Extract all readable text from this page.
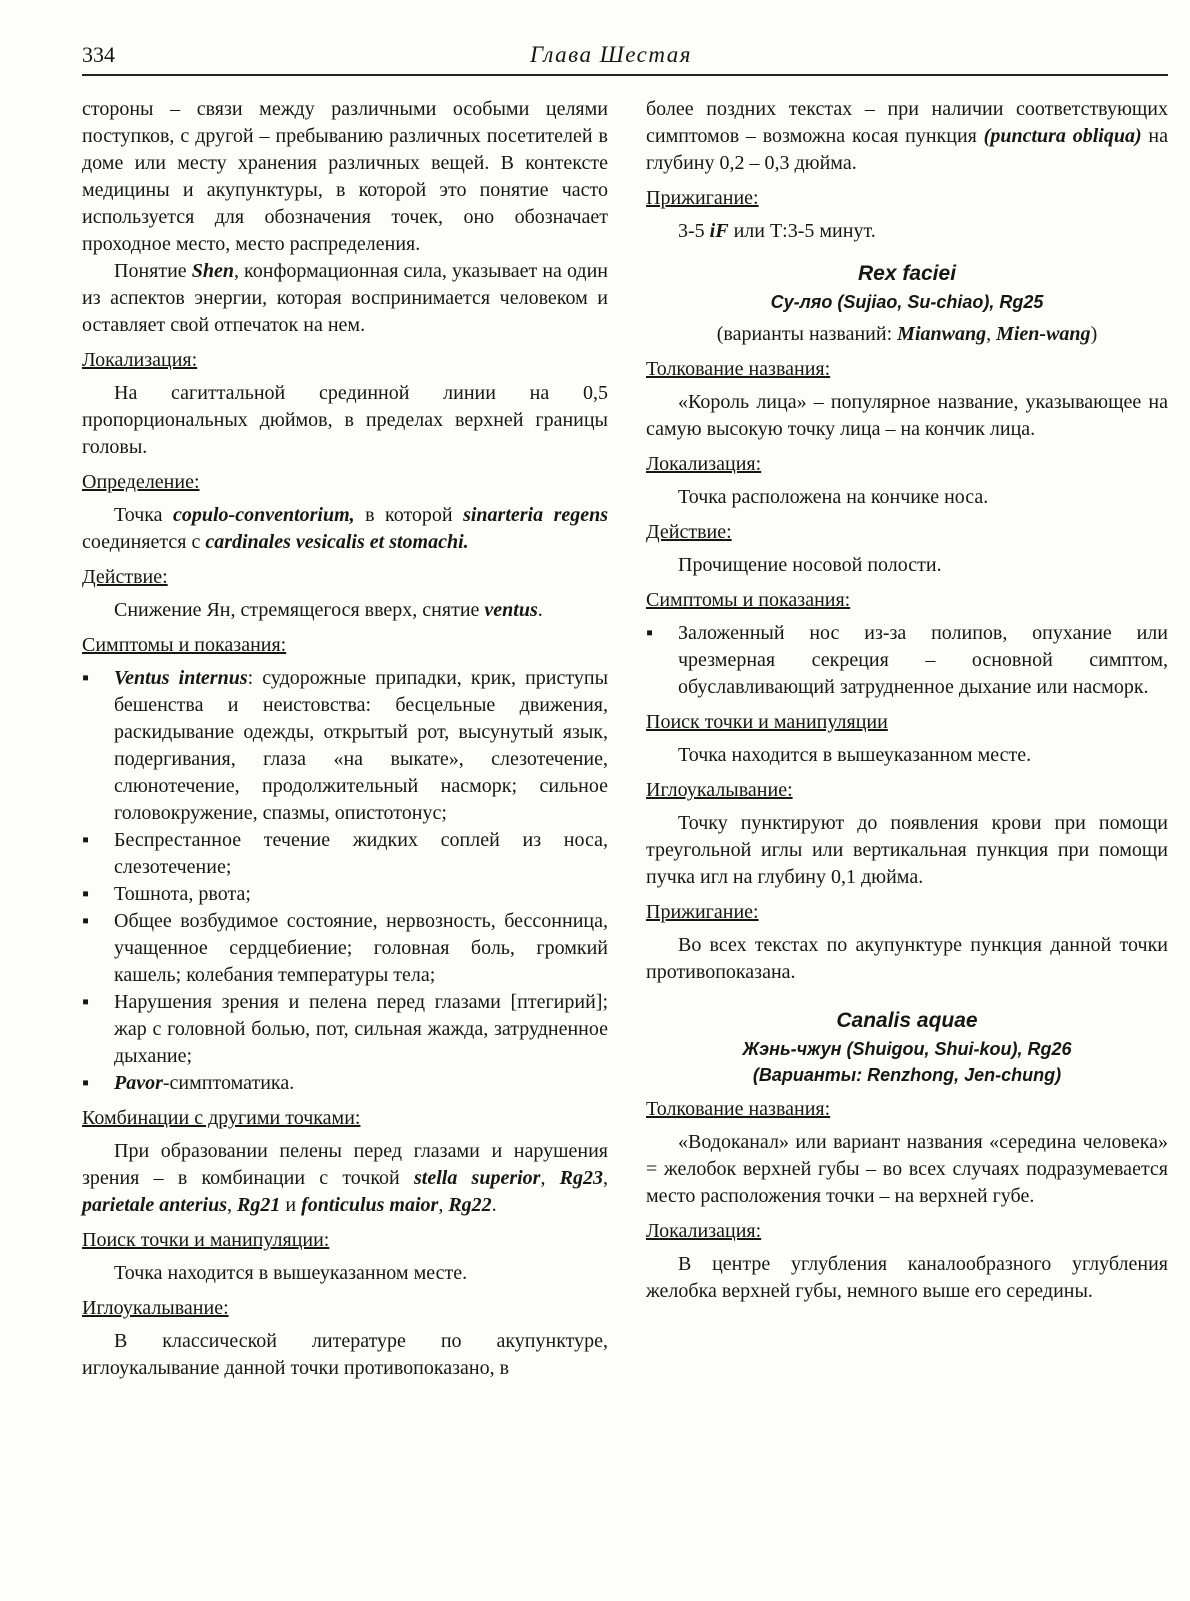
334	Глава Шестая

стороны – связи между различными особыми целями поступков, с другой – пребыванию различных посетителей в доме или месту хранения различных вещей. В контексте медицины и акупунктуры, в которой это понятие часто используется для обозначения точек, оно обозначает проходное место, место распределения.

Понятие Shen, конформационная сила, указывает на один из аспектов энергии, которая воспринимается человеком и оставляет свой отпечаток на нем.

Локализация:

На сагиттальной срединной линии на 0,5 пропорциональных дюймов, в пределах верхней границы головы.

Определение:

Точка copulo-conventorium, в которой sinarteria regens соединяется с cardinales vesicalis et stomachi.

Действие:

Снижение Ян, стремящегося вверх, снятие ventus.

Симптомы и показания:

▪ Ventus internus: судорожные припадки, крик, приступы бешенства и неистовства: бесцельные движения, раскидывание одежды, открытый рот, высунутый язык, подергивания, глаза «на выкате», слезотечение, слюнотечение, продолжительный насморк; сильное головокружение, спазмы, опистотонус;
▪ Беспрестанное течение жидких соплей из носа, слезотечение;
▪ Тошнота, рвота;
▪ Общее возбудимое состояние, нервозность, бессонница, учащенное сердцебиение; головная боль, громкий кашель; колебания температуры тела;
▪ Нарушения зрения и пелена перед глазами [птегирий]; жар с головной болью, пот, сильная жажда, затрудненное дыхание;
▪ Pavor-симптоматика.

Комбинации с другими точками:

При образовании пелены перед глазами и нарушения зрения – в комбинации с точкой stella superior, Rg23, parietale anterius, Rg21 и fonticulus maior, Rg22.

Поиск точки и манипуляции:

Точка находится в вышеуказанном месте.

Иглоукалывание:

В классической литературе по акупунктуре, иглоукалывание данной точки противопоказано, в

более поздних текстах – при наличии соответствующих симптомов – возможна косая пункция (punctura obliqua) на глубину 0,2 – 0,3 дюйма.

Прижигание:

3-5 iF или Т:3-5 минут.

Rex faciei

Су-ляо (Sujiao, Su-chiao), Rg25

(варианты названий: Mianwang, Mien-wang)

Толкование названия:

«Король лица» – популярное название, указывающее на самую высокую точку лица – на кончик лица.

Локализация:

Точка расположена на кончике носа.

Действие:

Прочищение носовой полости.

Симптомы и показания:

▪ Заложенный нос из-за полипов, опухание или чрезмерная секреция – основной симптом, обуславливающий затрудненное дыхание или насморк.

Поиск точки и манипуляции

Точка находится в вышеуказанном месте.

Иглоукалывание:

Точку пунктируют до появления крови при помощи треугольной иглы или вертикальная пункция при помощи пучка игл на глубину 0,1 дюйма.

Прижигание:

Во всех текстах по акупунктуре пункция данной точки противопоказана.

Canalis aquae

Жэнь-чжун (Shuigou, Shui-kou), Rg26

(Варианты: Renzhong, Jen-chung)

Толкование названия:

«Водоканал» или вариант названия «середина человека» = желобок верхней губы – во всех случаях подразумевается место расположения точки – на верхней губе.

Локализация:

В центре углубления каналообразного углубления желобка верхней губы, немного выше его середины.
